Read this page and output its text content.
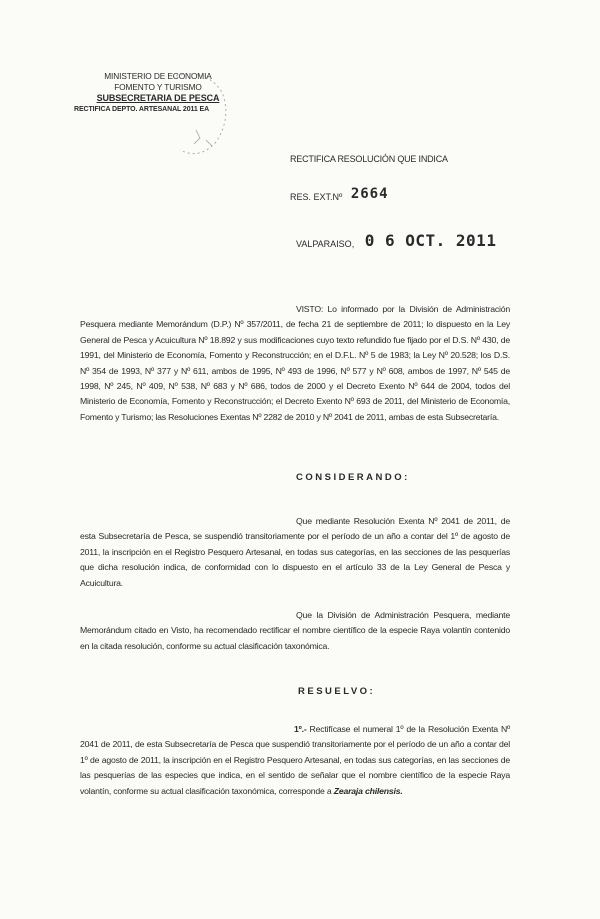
MINISTERIO DE ECONOMIA
FOMENTO Y TURISMO
SUBSECRETARIA DE PESCA
RECTIFICA DEPTO. ARTESANAL 2011 EA
RECTIFICA RESOLUCIÓN QUE INDICA
RES. EXT.Nº 2664
VALPARAISO, 0 6 OCT. 2011
VISTO: Lo informado por la División de Administración Pesquera mediante Memorándum (D.P.) Nº 357/2011, de fecha 21 de septiembre de 2011; lo dispuesto en la Ley General de Pesca y Acuicultura Nº 18.892 y sus modificaciones cuyo texto refundido fue fijado por el D.S. Nº 430, de 1991, del Ministerio de Economía, Fomento y Reconstrucción; en el D.F.L. Nº 5 de 1983; la Ley Nº 20.528; los D.S. Nº 354 de 1993, Nº 377 y Nº 611, ambos de 1995, Nº 493 de 1996, Nº 577 y Nº 608, ambos de 1997, Nº 545 de 1998, Nº 245, Nº 409, Nº 538, Nº 683 y Nº 686, todos de 2000 y el Decreto Exento Nº 644 de 2004, todos del Ministerio de Economía, Fomento y Reconstrucción; el Decreto Exento Nº 693 de 2011, del Ministerio de Economía, Fomento y Turismo; las Resoluciones Exentas Nº 2282 de 2010 y Nº 2041 de 2011, ambas de esta Subsecretaría.
CONSIDERANDO:
Que mediante Resolución Exenta Nº 2041 de 2011, de esta Subsecretaría de Pesca, se suspendió transitoriamente por el período de un año a contar del 1º de agosto de 2011, la inscripción en el Registro Pesquero Artesanal, en todas sus categorías, en las secciones de las pesquerías que dicha resolución indica, de conformidad con lo dispuesto en el artículo 33 de la Ley General de Pesca y Acuicultura.
Que la División de Administración Pesquera, mediante Memorándum citado en Visto, ha recomendado rectificar el nombre científico de la especie Raya volantín contenido en la citada resolución, conforme su actual clasificación taxonómica.
RESUELVO:
1º.- Rectifícase el numeral 1º de la Resolución Exenta Nº 2041 de 2011, de esta Subsecretaría de Pesca que suspendió transitoriamente por el período de un año a contar del 1º de agosto de 2011, la inscripción en el Registro Pesquero Artesanal, en todas sus categorías, en las secciones de las pesquerías de las especies que indica, en el sentido de señalar que el nombre científico de la especie Raya volantín, conforme su actual clasificación taxonómica, corresponde a Zearaja chilensis.
